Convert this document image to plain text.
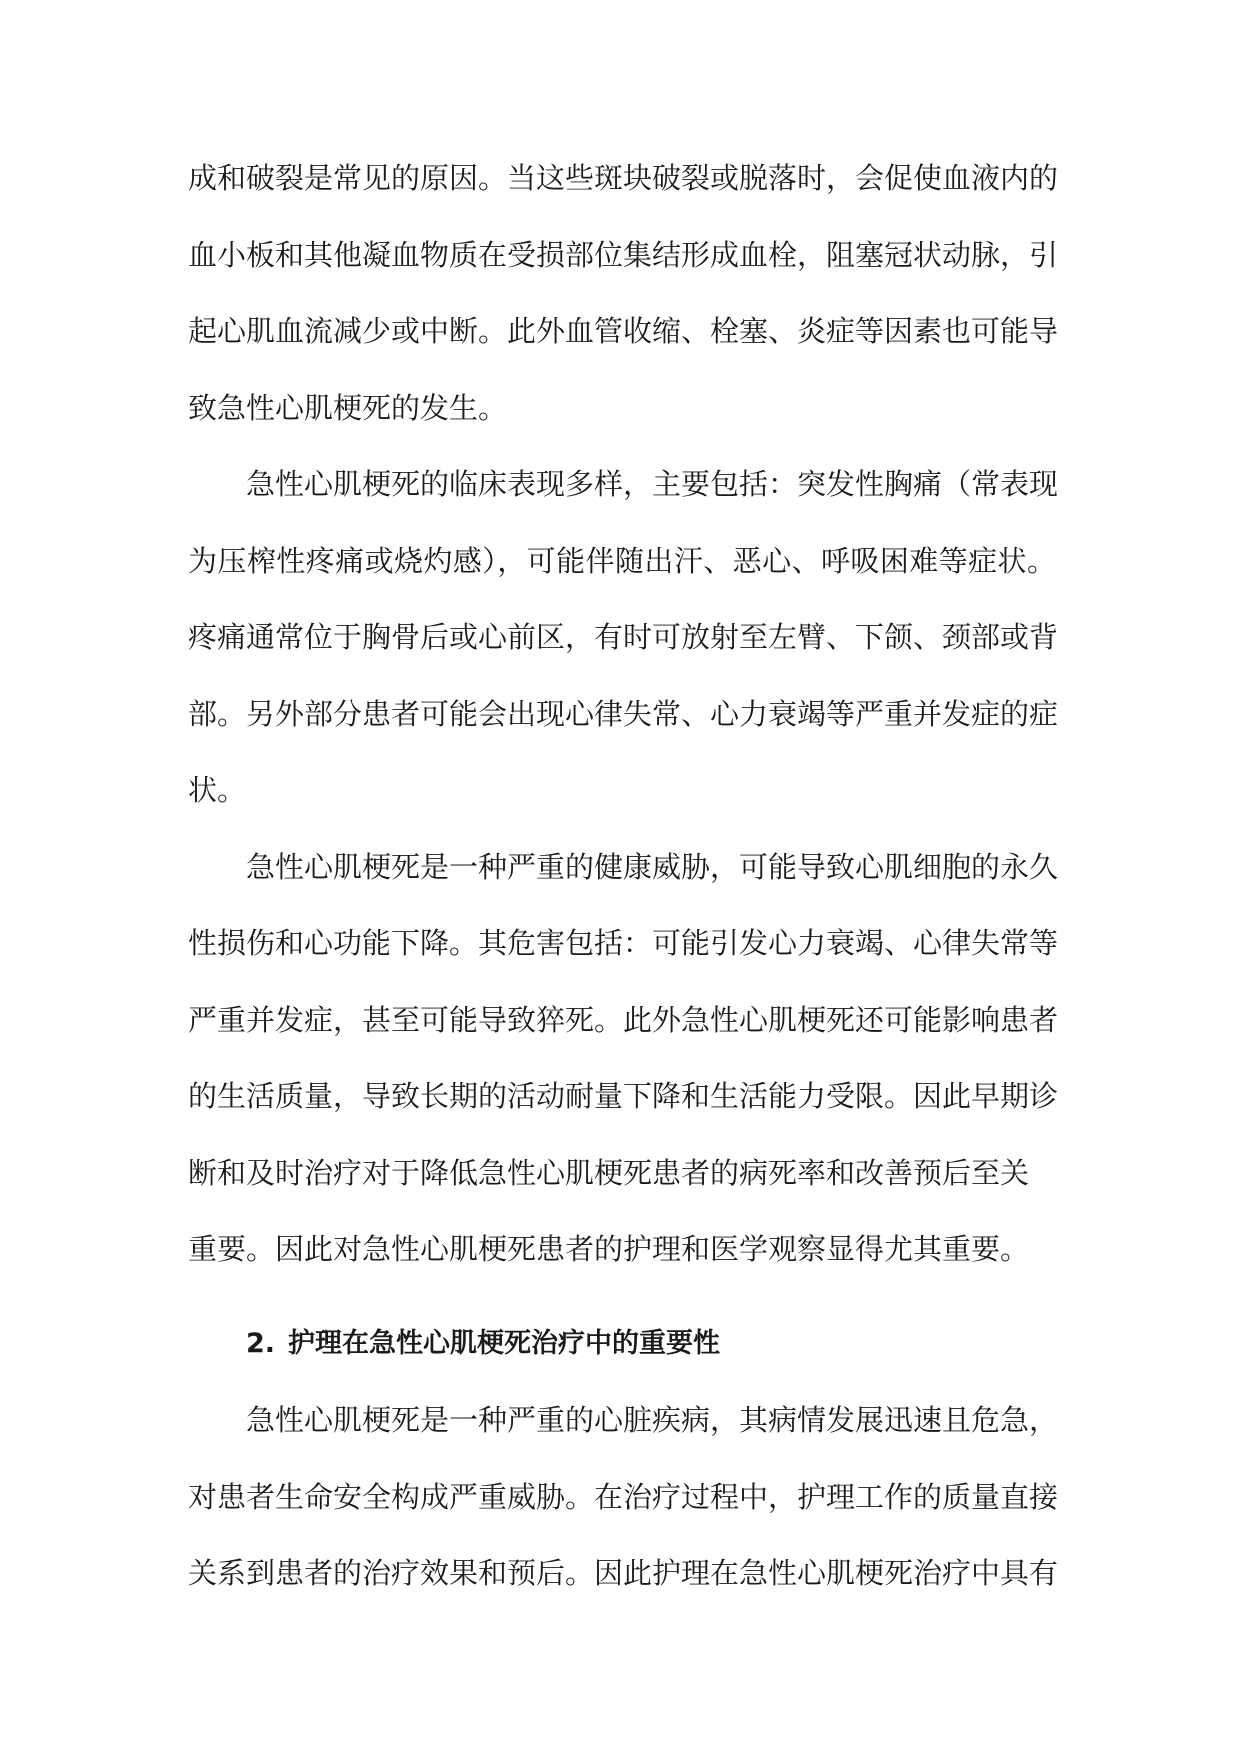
成和破裂是常见的原因。当这些斑块破裂或脱落时，会促使血液内的
血小板和其他凝血物质在受损部位集结形成血栓，阻塞冠状动脉，引
起心肌血流减少或中断。此外血管收缩、栓塞、炎症等因素也可能导
致急性心肌梗死的发生。
急性心肌梗死的临床表现多样，主要包括：突发性胸痛（常表现
为压榨性疼痛或烧灼感），可能伴随出汗、恶心、呼吸困难等症状。
疼痛通常位于胸骨后或心前区，有时可放射至左臂、下颌、颈部或背
部。另外部分患者可能会出现心律失常、心力衰竭等严重并发症的症
状。
急性心肌梗死是一种严重的健康威胁，可能导致心肌细胞的永久
性损伤和心功能下降。其危害包括：可能引发心力衰竭、心律失常等
严重并发症，甚至可能导致猝死。此外急性心肌梗死还可能影响患者
的生活质量，导致长期的活动耐量下降和生活能力受限。因此早期诊
断和及时治疗对于降低急性心肌梗死患者的病死率和改善预后至关
重要。因此对急性心肌梗死患者的护理和医学观察显得尤其重要。
2. 护理在急性心肌梗死治疗中的重要性
急性心肌梗死是一种严重的心脏疾病，其病情发展迅速且危急，
对患者生命安全构成严重威胁。在治疗过程中，护理工作的质量直接
关系到患者的治疗效果和预后。因此护理在急性心肌梗死治疗中具有
